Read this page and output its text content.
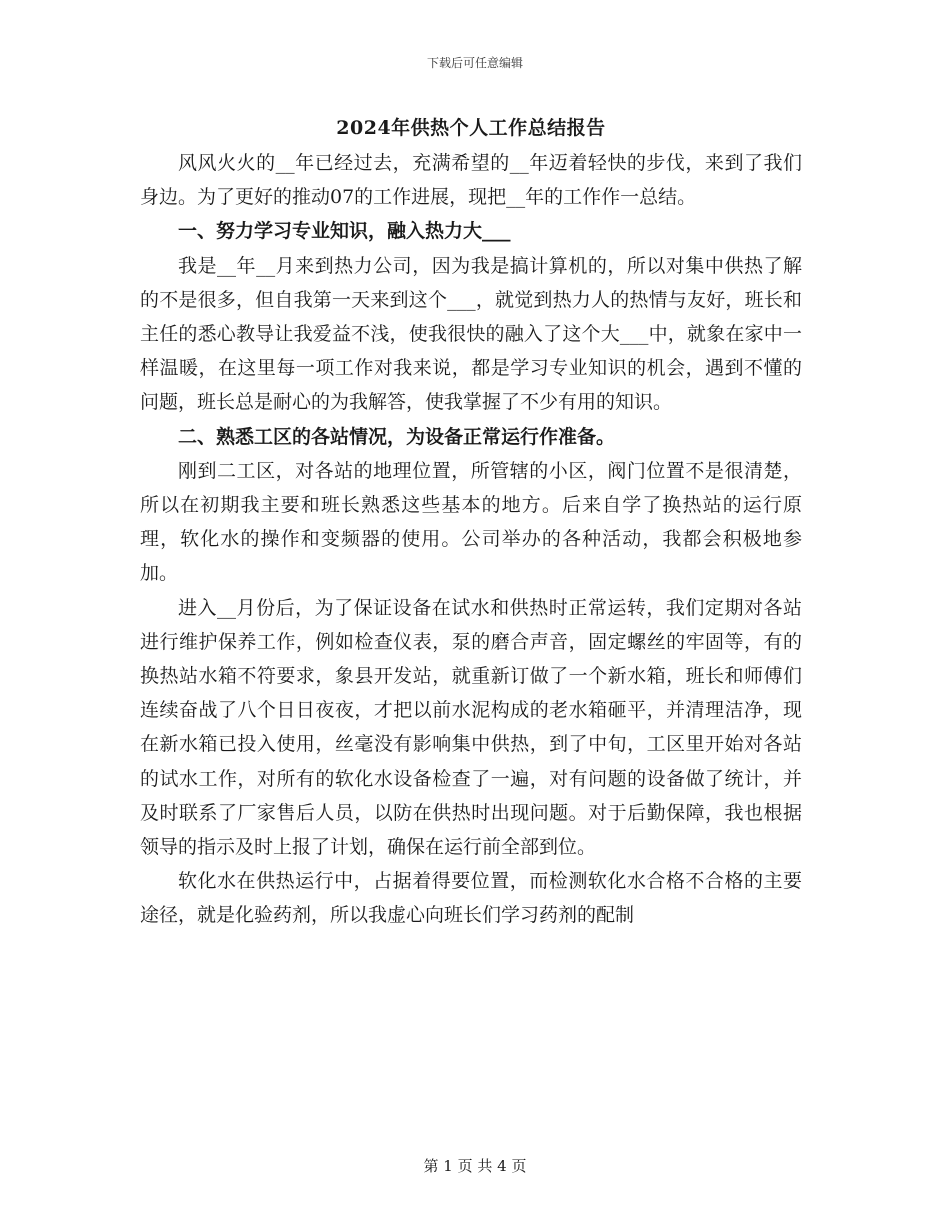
下载后可任意编辑
2024年供热个人工作总结报告

风风火火的__年已经过去，充满希望的__年迈着轻快的步伐，来到了我们身边。为了更好的推动07的工作进展，现把__年的工作作一总结。

一、努力学习专业知识，融入热力大___

我是__年__月来到热力公司，因为我是搞计算机的，所以对集中供热了解的不是很多，但自我第一天来到这个___，就觉到热力人的热情与友好，班长和主任的悉心教导让我爱益不浅，使我很快的融入了这个大___中，就象在家中一样温暖，在这里每一项工作对我来说，都是学习专业知识的机会，遇到不懂的问题，班长总是耐心的为我解答，使我掌握了不少有用的知识。

二、熟悉工区的各站情况，为设备正常运行作准备。

刚到二工区，对各站的地理位置，所管辖的小区，阀门位置不是很清楚，所以在初期我主要和班长熟悉这些基本的地方。后来自学了换热站的运行原理，软化水的操作和变频器的使用。公司举办的各种活动，我都会积极地参加。

进入__月份后，为了保证设备在试水和供热时正常运转，我们定期对各站进行维护保养工作，例如检查仪表，泵的磨合声音，固定螺丝的牢固等，有的换热站水箱不符要求，象县开发站，就重新订做了一个新水箱，班长和师傅们连续奋战了八个日日夜夜，才把以前水泥构成的老水箱砸平，并清理洁净，现在新水箱已投入使用，丝毫没有影响集中供热，到了中旬，工区里开始对各站的试水工作，对所有的软化水设备检查了一遍，对有问题的设备做了统计，并及时联系了厂家售后人员，以防在供热时出现问题。对于后勤保障，我也根据领导的指示及时上报了计划，确保在运行前全部到位。

软化水在供热运行中，占据着得要位置，而检测软化水合格不合格的主要途径，就是化验药剂，所以我虚心向班长们学习药剂的配制

第 1 页 共 4 页
